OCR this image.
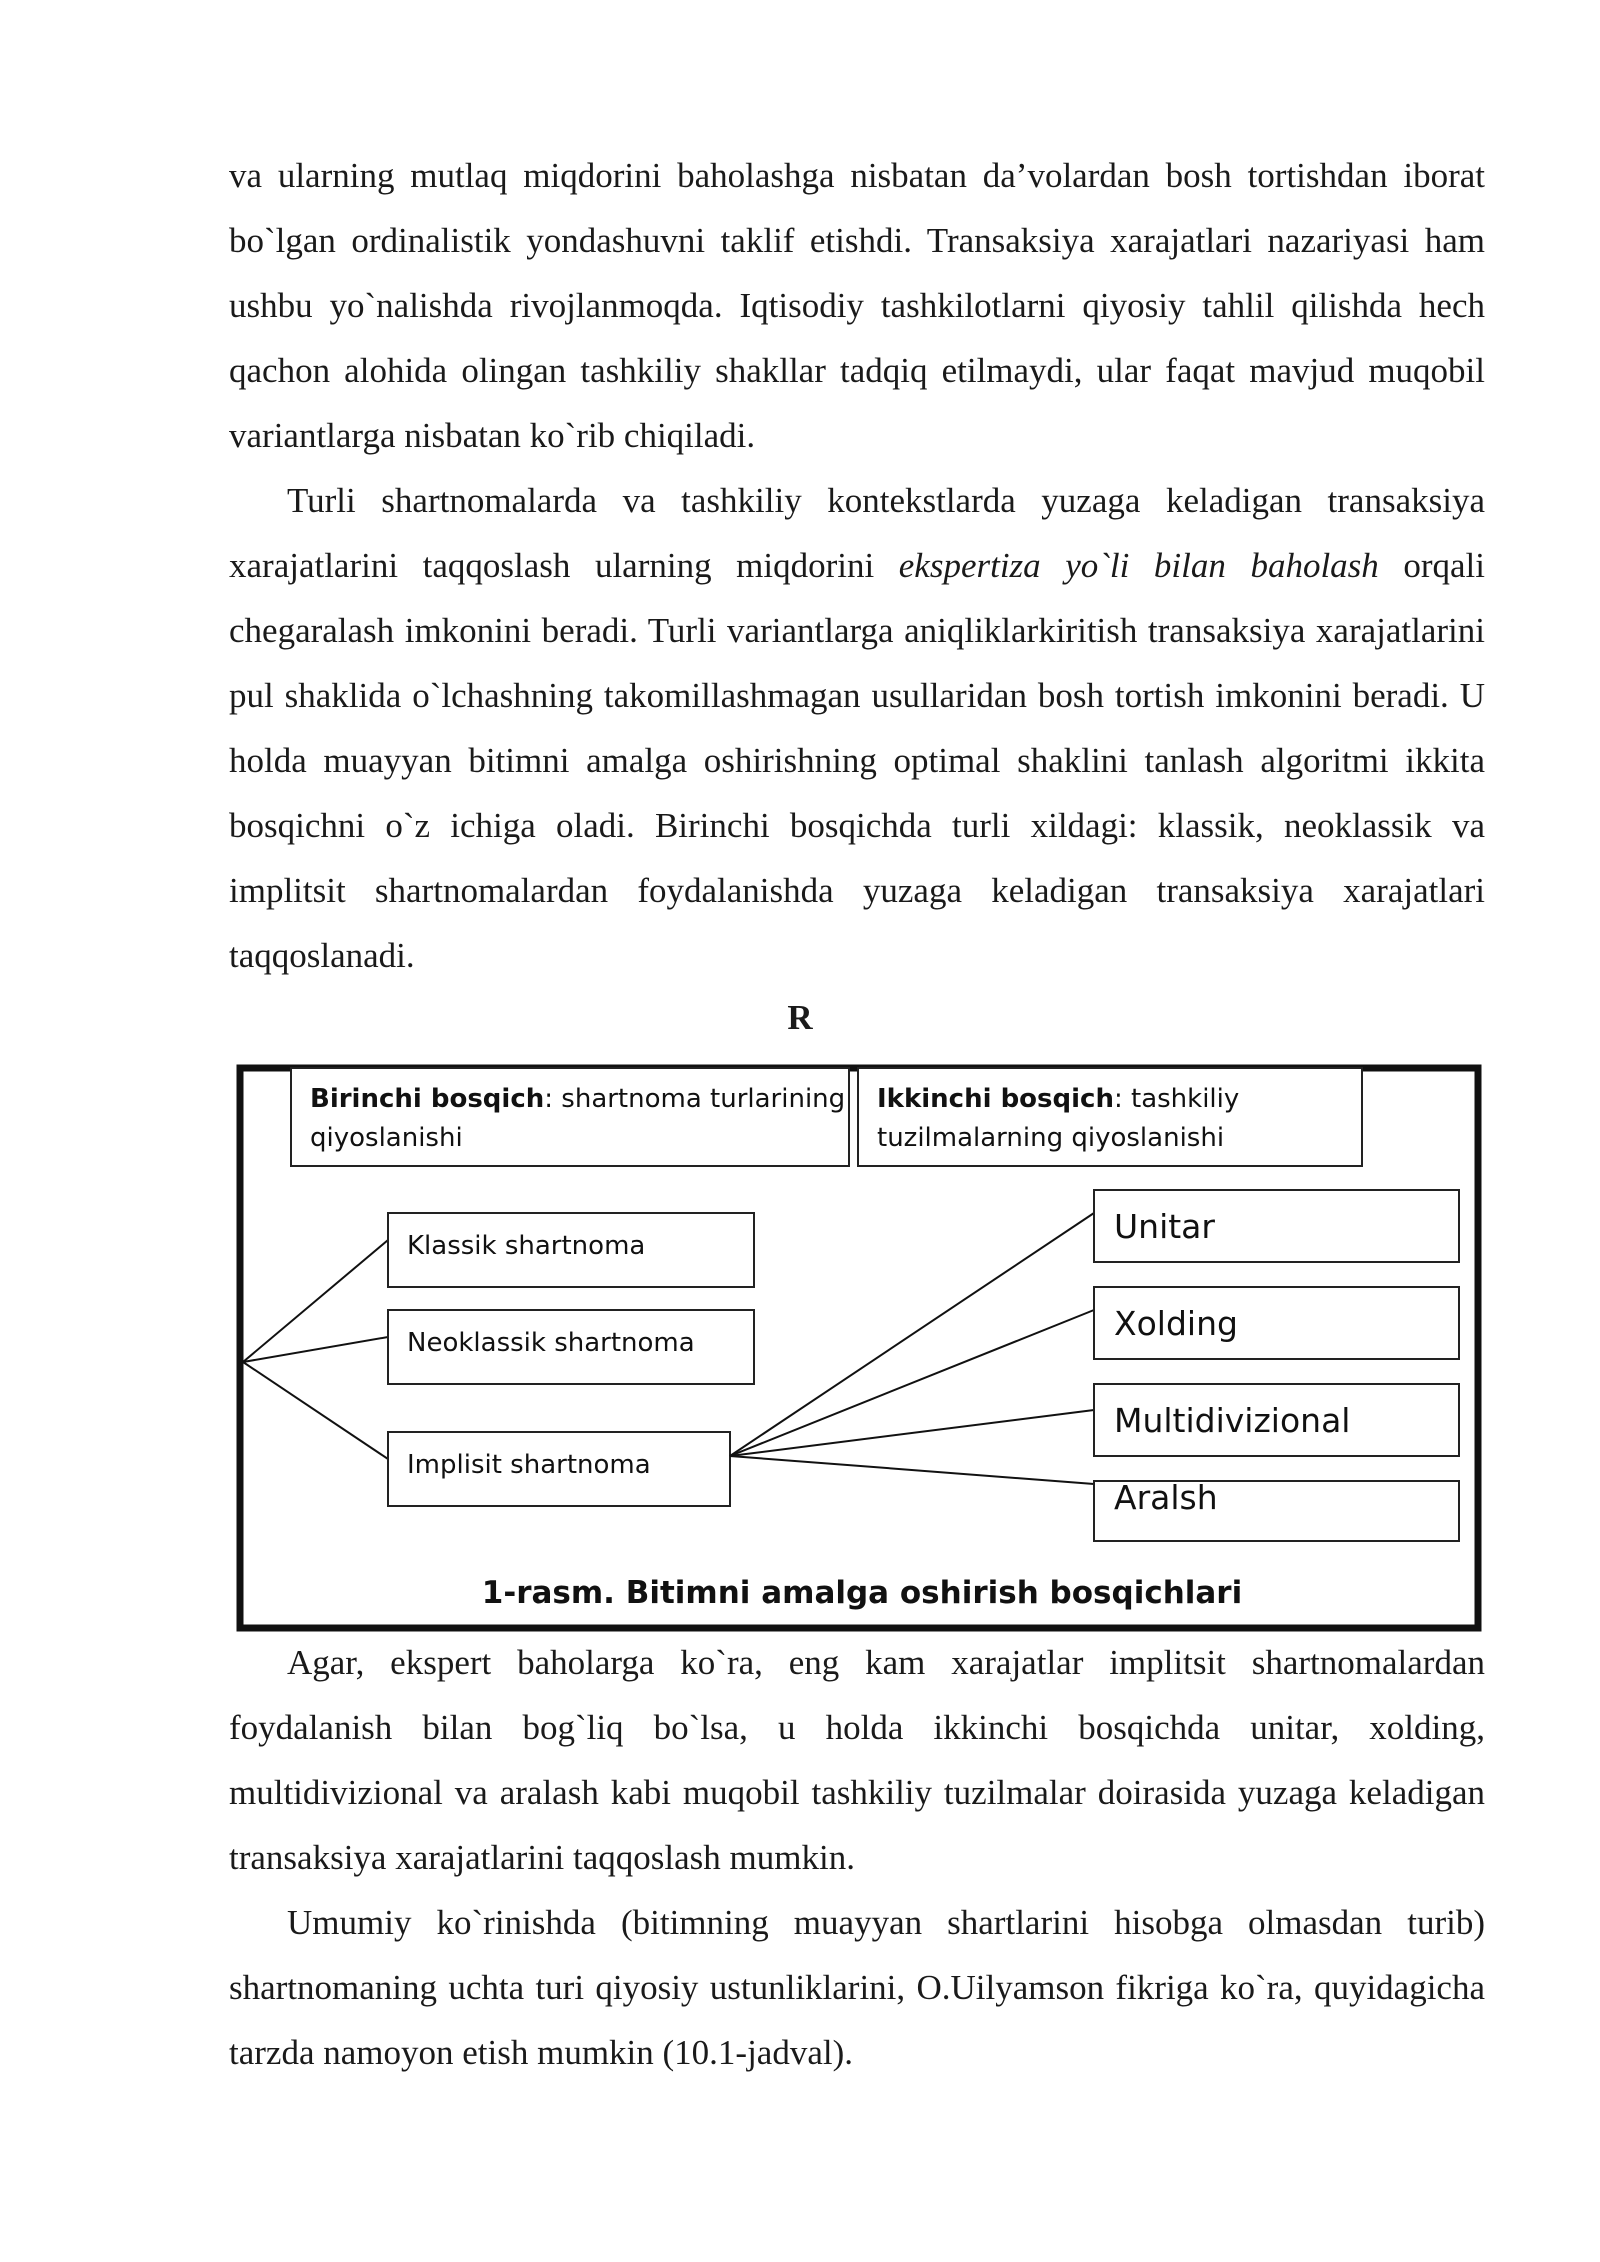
va ularning mutlaq miqdorini baholashga nisbatan da’volardan bosh tortishdan iborat bo`lgan ordinalistik yondashuvni taklif etishdi. Transaksiya xarajatlari nazariyasi ham ushbu yo`nalishda rivojlanmoqda. Iqtisodiy tashkilotlarni qiyosiy tahlil qilishda hech qachon alohida olingan tashkiliy shakllar tadqiq etilmaydi, ular faqat mavjud muqobil variantlarga nisbatan ko`rib chiqiladi.

Turli shartnomalarda va tashkiliy kontekstlarda yuzaga keladigan transaksiya xarajatlarini taqqoslash ularning miqdorini ekspertiza yo`li bilan baholash orqali chegaralash imkonini beradi. Turli variantlarga aniqliklarkiritish transaksiya xarajatlarini pul shaklida o`lchashning takomillashmagan usullaridan bosh tortish imkonini beradi. U holda muayyan bitimni amalga oshirishning optimal shaklini tanlash algoritmi ikkita bosqichni o`z ichiga oladi. Birinchi bosqichda turli xildagi: klassik, neoklassik va implitsit shartnomalardan foydalanishda yuzaga keladigan transaksiya xarajatlari taqqoslanadi.

R
Birinchi bosqich: shartnoma turlarining
qiyoslanishi
Ikkinchi bosqich: tashkiliy
tuzilmalarning qiyoslanishi
Klassik shartnoma
Neoklassik shartnoma
Implisit shartnoma
Unitar
Xolding
Multidivizional
Aralsh
1-rasm. Bitimni amalga oshirish bosqichlari

Agar, ekspert baholarga ko`ra, eng kam xarajatlar implitsit shartnomalardan foydalanish bilan bog`liq bo`lsa, u holda ikkinchi bosqichda unitar, xolding, multidivizional va aralash kabi muqobil tashkiliy tuzilmalar doirasida yuzaga keladigan transaksiya xarajatlarini taqqoslash mumkin.

Umumiy ko`rinishda (bitimning muayyan shartlarini hisobga olmasdan turib) shartnomaning uchta turi qiyosiy ustunliklarini, O.Uilyamson fikriga ko`ra, quyidagicha tarzda namoyon etish mumkin (10.1-jadval).
